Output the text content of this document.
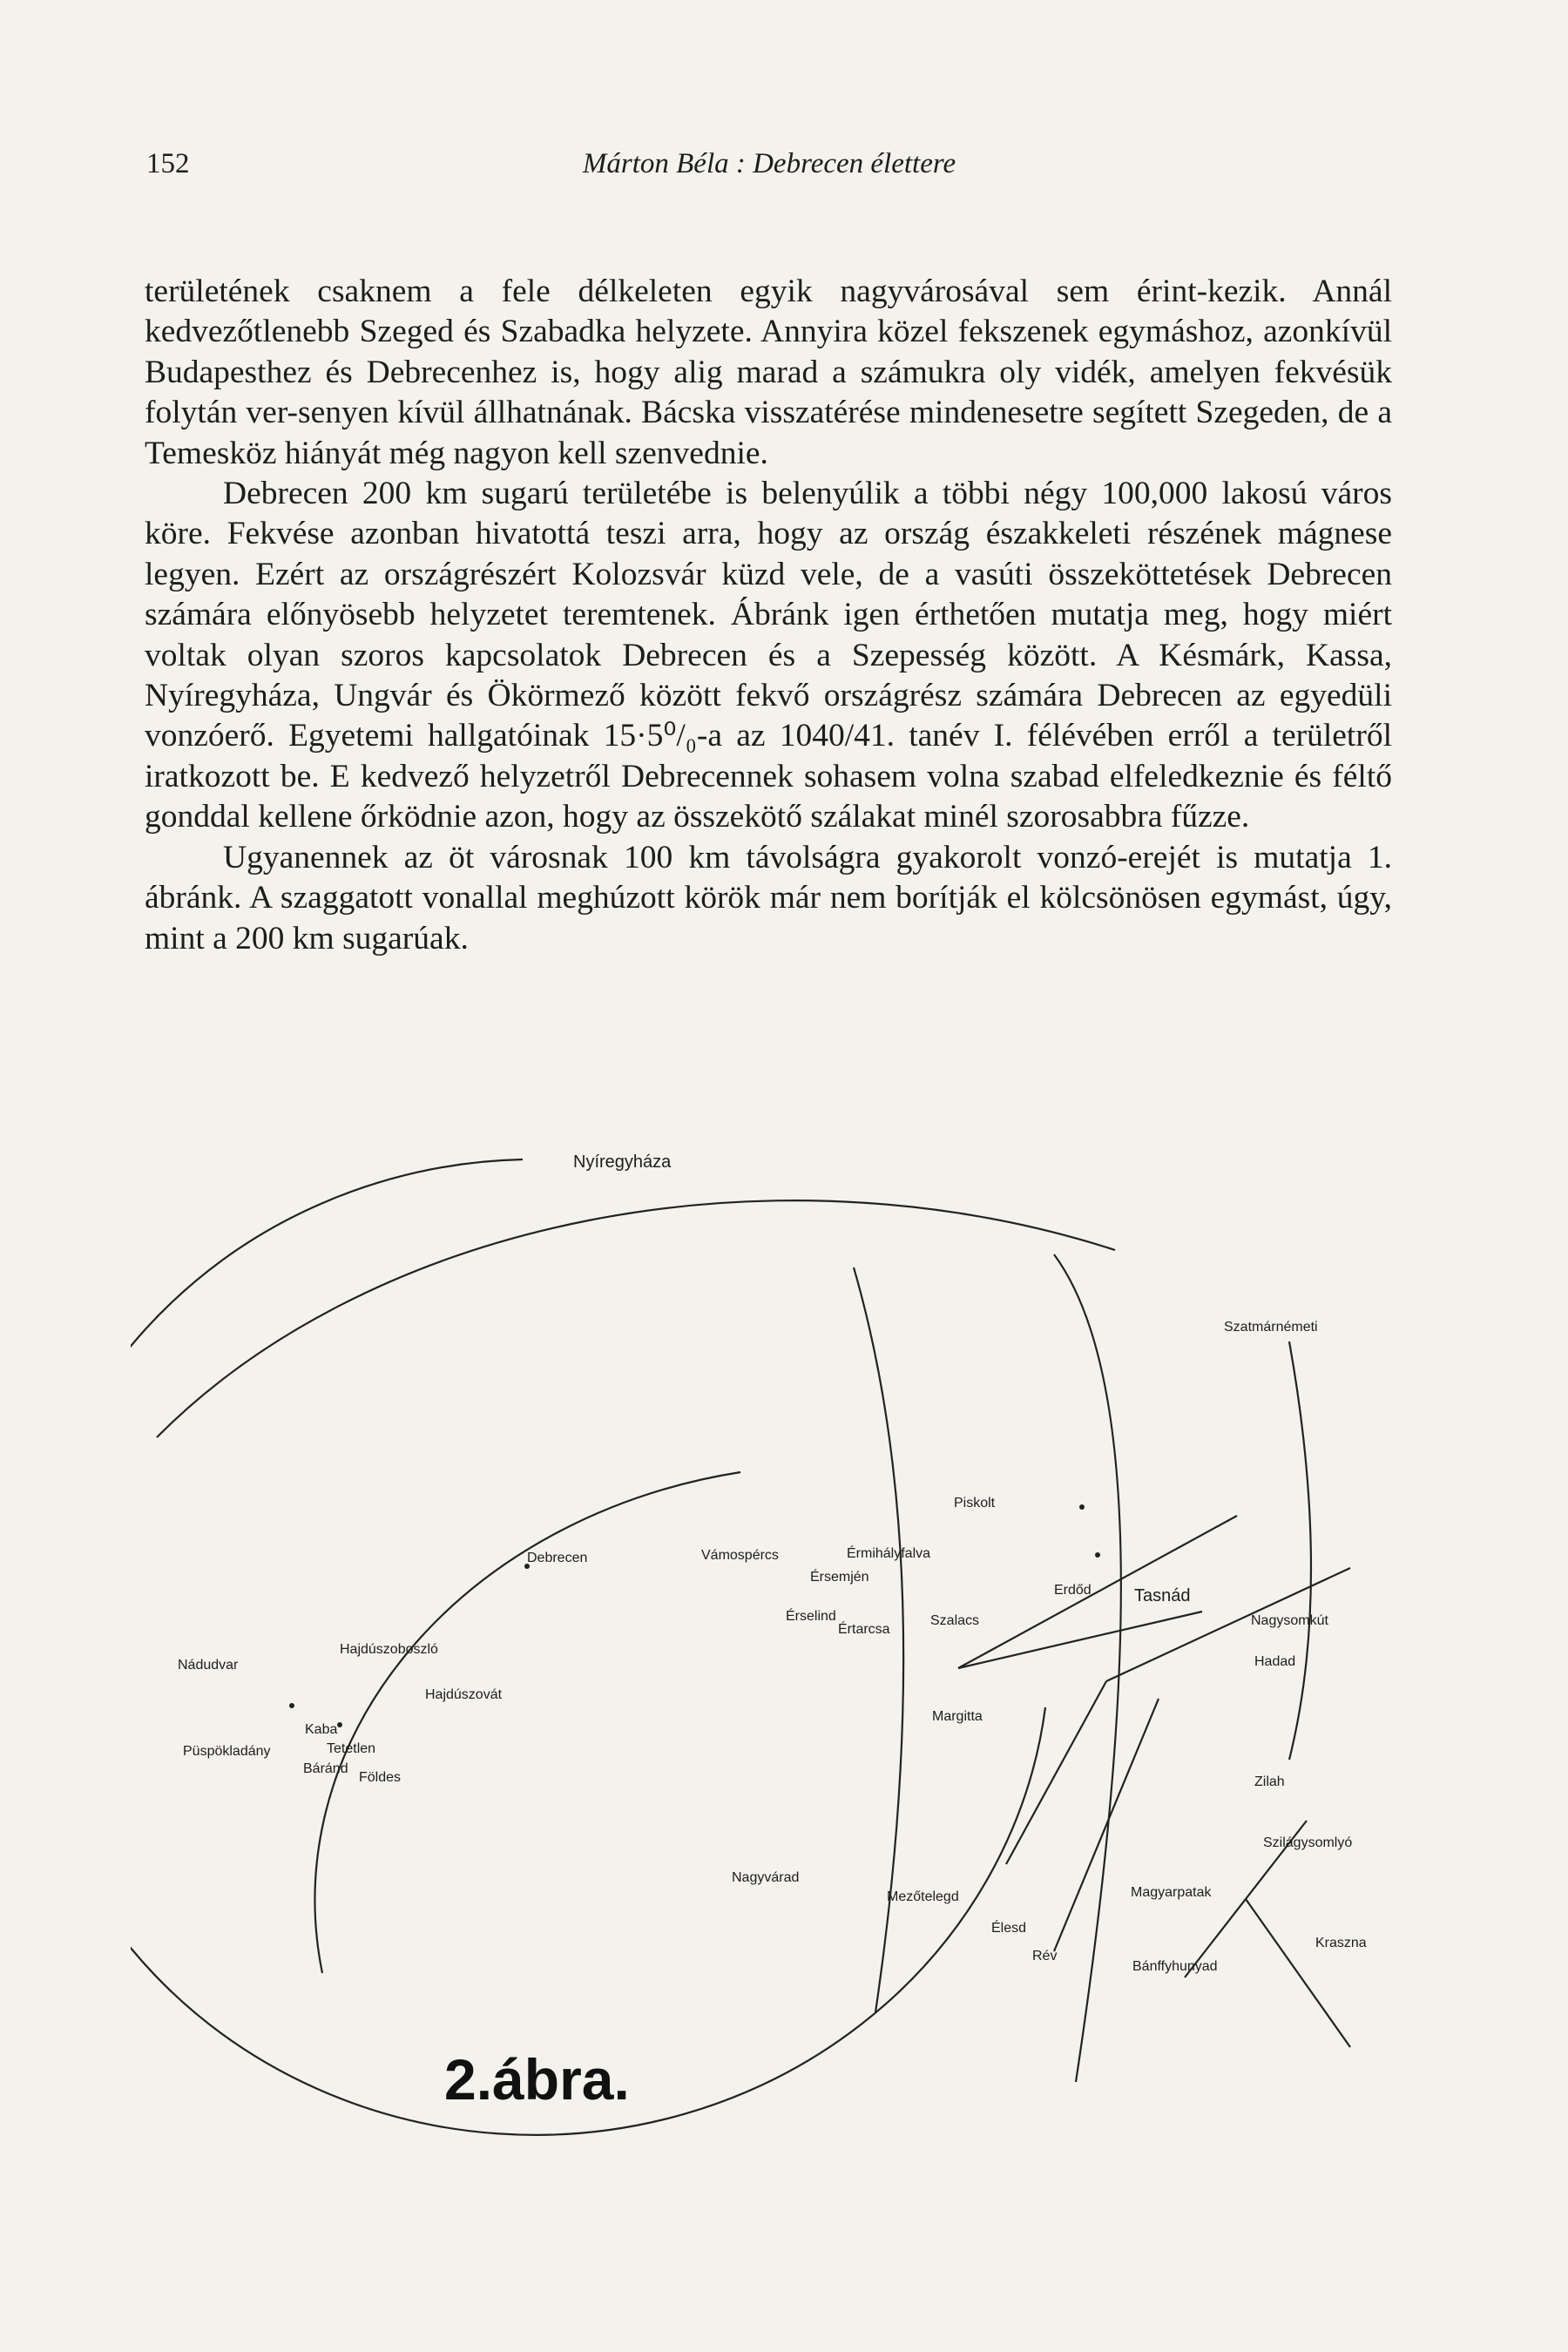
152	Márton Béla : Debrecen élettere

területének csaknem a fele délkeleten egyik nagyvárosával sem érint-kezik. Annál kedvezőtlenebb Szeged és Szabadka helyzete. Annyira közel fekszenek egymáshoz, azonkívül Budapesthez és Debrecenhez is, hogy alig marad a számukra oly vidék, amelyen fekvésük folytán ver-senyen kívül állhatnának. Bácska visszatérése mindenesetre segített Szegeden, de a Temesköz hiányát még nagyon kell szenvednie.

Debrecen 200 km sugarú területébe is belenyúlik a többi négy 100,000 lakosú város köre. Fekvése azonban hivatottá teszi arra, hogy az ország északkeleti részének mágnese legyen. Ezért az országrészért Kolozsvár küzd vele, de a vasúti összeköttetések Debrecen számára előnyösebb helyzetet teremtenek. Ábránk igen érthetően mutatja meg, hogy miért voltak olyan szoros kapcsolatok Debrecen és a Szepesség között. A Késmárk, Kassa, Nyíregyháza, Ungvár és Ökörmező között fekvő országrész számára Debrecen az egyedüli vonzóerő. Egyetemi hallgatóinak 15·5⁰/₀-a az 1040/41. tanév I. félévében erről a területről iratkozott be. E kedvező helyzetről Debrecennek sohasem volna szabad elfeledkeznie és féltő gonddal kellene őrködnie azon, hogy az összekötő szálakat minél szorosabbra fűzze.

Ugyanennek az öt városnak 100 km távolságra gyakorolt vonzó-erejét is mutatja 1. ábránk. A szaggatott vonallal meghúzott körök már nem borítják el kölcsönösen egymást, úgy, mint a 200 km sugarúak.

Nyíregyháza
Szatmárnémeti
Debrecen
Nádudvar
Hajdúszoboszló
Hajdúszovát
Kaba
Püspökladány	Tetétlen
Báránd
Földes
Vámospércs
Nagyvárad
Érmihályfalva
Érsemjén
Értarcsa
Érselind	Szalacs
Tasnád
Nagysomkút
Erdőd
Hadad
Zilah
Margitta
Szilágysomlyó
Mezőtelegd	Magyarpatak
Élesd
Rév
Bánffyhunyad
Piskolt
Kraszna
2.ábra.
